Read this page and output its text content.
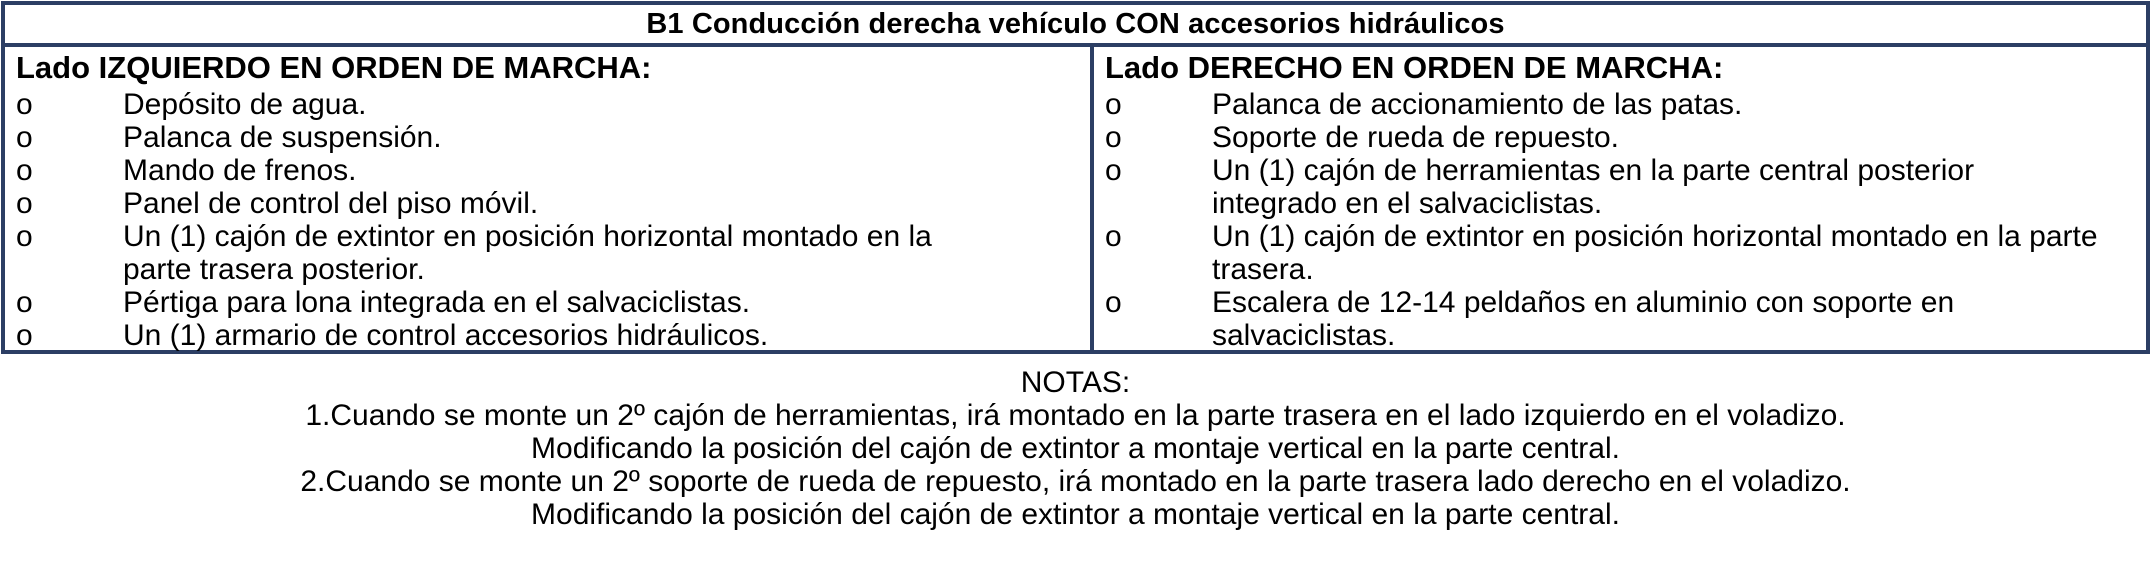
B1 Conducción derecha vehículo CON accesorios hidráulicos
Lado IZQUIERDO EN ORDEN DE MARCHA:
o	Depósito de agua.
o	Palanca de suspensión.
o	Mando de frenos.
o	Panel de control del piso móvil.
o	Un (1) cajón de extintor en posición horizontal montado en la
parte trasera posterior.
o	Pértiga para lona integrada en el salvaciclistas.
o	Un (1) armario de control accesorios hidráulicos.
Lado DERECHO EN ORDEN DE MARCHA:
o	Palanca de accionamiento de las patas.
o	Soporte de rueda de repuesto.
o	Un (1) cajón de herramientas en la parte central posterior
integrado en el salvaciclistas.
o	Un (1) cajón de extintor en posición horizontal montado en la parte
trasera.
o	Escalera de 12-14 peldaños en aluminio con soporte en
salvaciclistas.
NOTAS:
1.Cuando se monte un 2º cajón de herramientas, irá montado en la parte trasera en el lado izquierdo en el voladizo.
Modificando la posición del cajón de extintor a montaje vertical en la parte central.
2.Cuando se monte un 2º soporte de rueda de repuesto, irá montado en la parte trasera lado derecho en el voladizo.
Modificando la posición del cajón de extintor a montaje vertical en la parte central.
